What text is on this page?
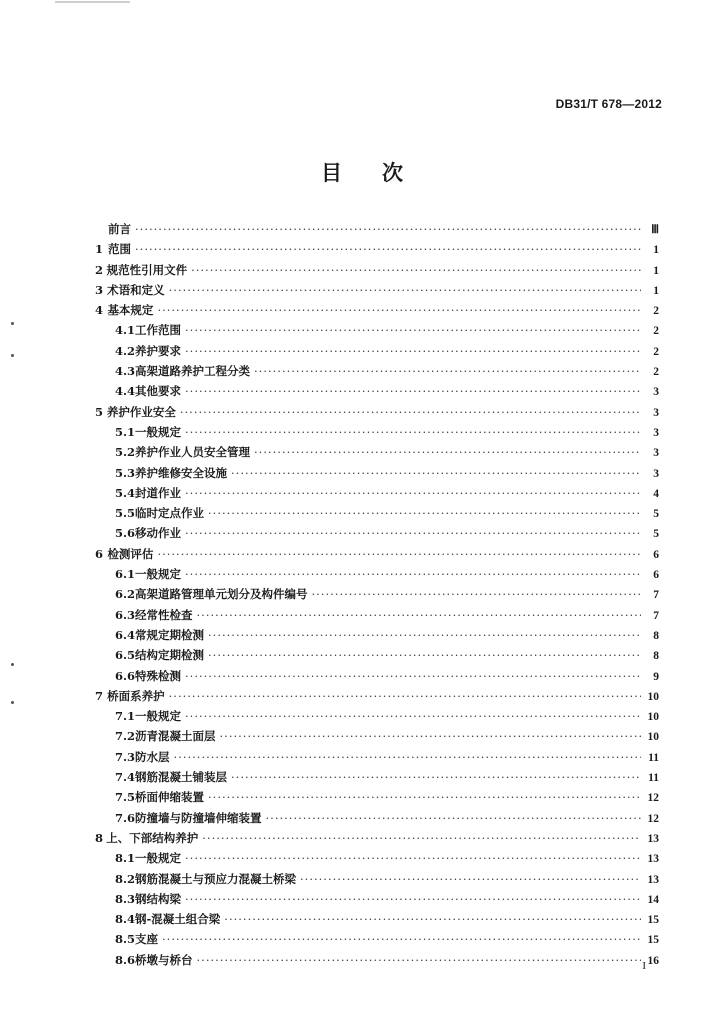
DB31/T 678—2012
目次
前言 ·····	Ⅲ
1 范围 ·····	1
2 规范性引用文件 ·····	1
3 术语和定义 ·····	1
4 基本规定 ·····	2
4.1 工作范围 ·····	2
4.2 养护要求 ·····	2
4.3 高架道路养护工程分类 ·····	2
4.4 其他要求 ·····	3
5 养护作业安全 ·····	3
5.1 一般规定 ·····	3
5.2 养护作业人员安全管理 ·····	3
5.3 养护维修安全设施 ·····	3
5.4 封道作业 ·····	4
5.5 临时定点作业 ·····	5
5.6 移动作业 ·····	5
6 检测评估 ·····	6
6.1 一般规定 ·····	6
6.2 高架道路管理单元划分及构件编号 ·····	7
6.3 经常性检查 ·····	7
6.4 常规定期检测 ·····	8
6.5 结构定期检测 ·····	8
6.6 特殊检测 ·····	9
7 桥面系养护 ·····	10
7.1 一般规定 ·····	10
7.2 沥青混凝土面层 ·····	10
7.3 防水层 ·····	11
7.4 钢筋混凝土铺装层 ·····	11
7.5 桥面伸缩装置 ·····	12
7.6 防撞墙与防撞墙伸缩装置 ·····	12
8 上、下部结构养护 ·····	13
8.1 一般规定 ·····	13
8.2 钢筋混凝土与预应力混凝土桥梁 ·····	13
8.3 钢结构梁 ·····	14
8.4 钢-混凝土组合梁 ·····	15
8.5 支座 ·····	15
8.6 桥墩与桥台 ·····	16
I
